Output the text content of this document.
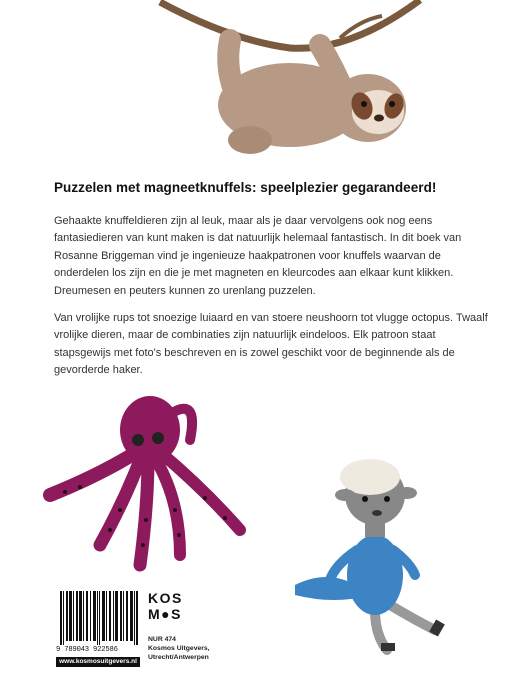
Puzzelen met magneetknuffels: speelplezier gegarandeerd!
Gehaakte knuffeldieren zijn al leuk, maar als je daar vervolgens ook nog eens fantasiedieren van kunt maken is dat natuurlijk helemaal fantastisch. In dit boek van Rosanne Briggeman vind je ingenieuze haakpatronen voor knuffels waarvan de onderdelen los zijn en die je met magneten en kleurcodes aan elkaar kunt klikken. Dreumesen en peuters kunnen zo urenlang puzzelen.
Van vrolijke rups tot snoezige luiaard en van stoere neushoorn tot vlugge octopus. Twaalf vrolijke dieren, maar de combinaties zijn natuurlijk eindeloos. Elk patroon staat stapsgewijs met foto's beschreven en is zowel geschikt voor de beginnende als de gevorderde haker.
9 789043 922586
www.kosmosuitgevers.nl
KOS
M●S
NUR 474
Kosmos Uitgevers,
Utrecht/Antwerpen
